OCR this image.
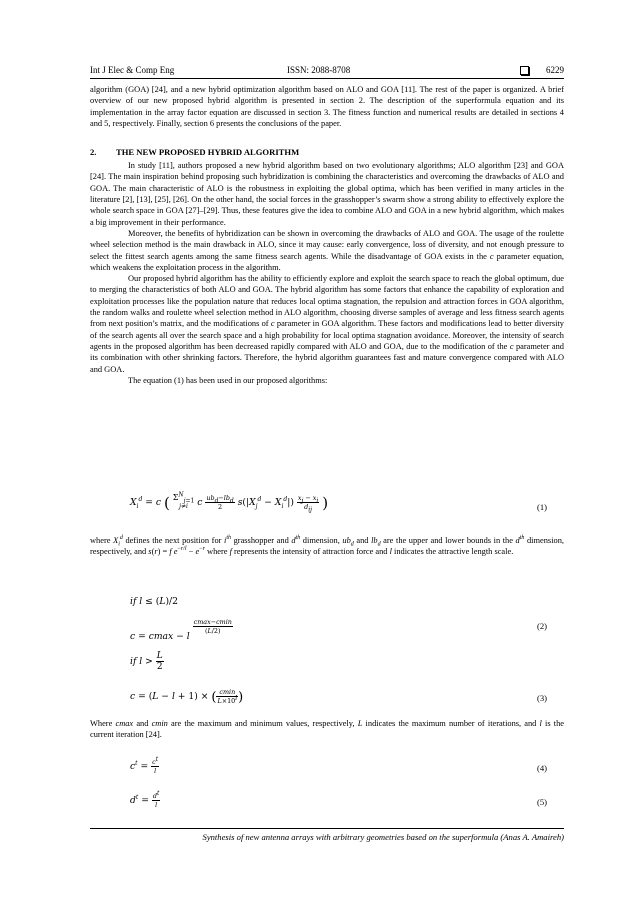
Int J Elec & Comp Eng	ISSN: 2088-8708	6229

algorithm (GOA) [24], and a new hybrid optimization algorithm based on ALO and GOA [11]. The rest of the paper is organized. A brief overview of our new proposed hybrid algorithm is presented in section 2. The description of the superformula equation and its implementation in the array factor equation are discussed in section 3. The fitness function and numerical results are detailed in sections 4 and 5, respectively. Finally, section 6 presents the conclusions of the paper.

2. THE NEW PROPOSED HYBRID ALGORITHM

In study [11], authors proposed a new hybrid algorithm based on two evolutionary algorithms; ALO algorithm [23] and GOA [24]. The main inspiration behind proposing such hybridization is combining the characteristics and overcoming the drawbacks of ALO and GOA. The main characteristic of ALO is the robustness in exploiting the global optima, which has been verified in many articles in the literature [2], [13], [25], [26]. On the other hand, the social forces in the grasshopper’s swarm show a strong ability to effectively explore the whole search space in GOA [27]–[29]. Thus, these features give the idea to combine ALO and GOA in a new hybrid algorithm, which makes a big improvement in their performance.

Moreover, the benefits of hybridization can be shown in overcoming the drawbacks of ALO and GOA. The usage of the roulette wheel selection method is the main drawback in ALO, since it may cause: early convergence, loss of diversity, and not enough pressure to select the fittest search agents among the same fitness search agents. While the disadvantage of GOA exists in the c parameter equation, which weakens the exploitation process in the algorithm.

Our proposed hybrid algorithm has the ability to efficiently explore and exploit the search space to reach the global optimum, due to merging the characteristics of both ALO and GOA. The hybrid algorithm has some factors that enhance the capability of exploration and exploitation processes like the population nature that reduces local optima stagnation, the repulsion and attraction forces in GOA algorithm, the random walks and roulette wheel selection method in ALO algorithm, choosing diverse samples of average and less fitness search agents from next position’s matrix, and the modifications of c parameter in GOA algorithm. These factors and modifications lead to better diversity of the search agents all over the search space and a high probability for local optima stagnation avoidance. Moreover, the intensity of search agents in the proposed algorithm has been decreased rapidly compared with ALO and GOA, due to the modification of the c parameter and its combination with other shrinking factors. Therefore, the hybrid algorithm guarantees fast and mature convergence compared with ALO and GOA.

The equation (1) has been used in our proposed algorithms:

$X_i^d = c$ ( $\Sigma^N_{j=1}$
j≠i c $\frac{ub_d-lb_d}{2} s(|X_j^d - X_i^d|) \frac{x_j - x_i}{d_{ij}}$ )	(1)

where $X_i^d$ defines the next position for $i^{th}$ grasshopper and $d^{th}$ dimension, $ub_d$ and $lb_d$ are the upper and lower bounds in the $d^{th}$ dimension, respectively, and s(r) = f $e^{-r/l} - e^{-r}$ where f represents the intensity of attraction force and l indicates the attractive length scale.

if l ≤ (L)/2
c = cmax − l
$\frac{cmax-cmin}{(L/2)}$	(2)
if $l > \frac{L}{2}$
c = (L − l + 1) × ( $\frac{cmin}{L\times 10^l}$ )	(3)

Where cmax and cmin are the maximum and minimum values, respectively, L indicates the maximum number of iterations, and l is the current iteration [24].

$c^t = \frac{c^t}{l}$	(4)
$d^t = \frac{d^t}{l}$	(5)
Synthesis of new antenna arrays with arbitrary geometries based on the superformula (Anas A. Amaireh)
